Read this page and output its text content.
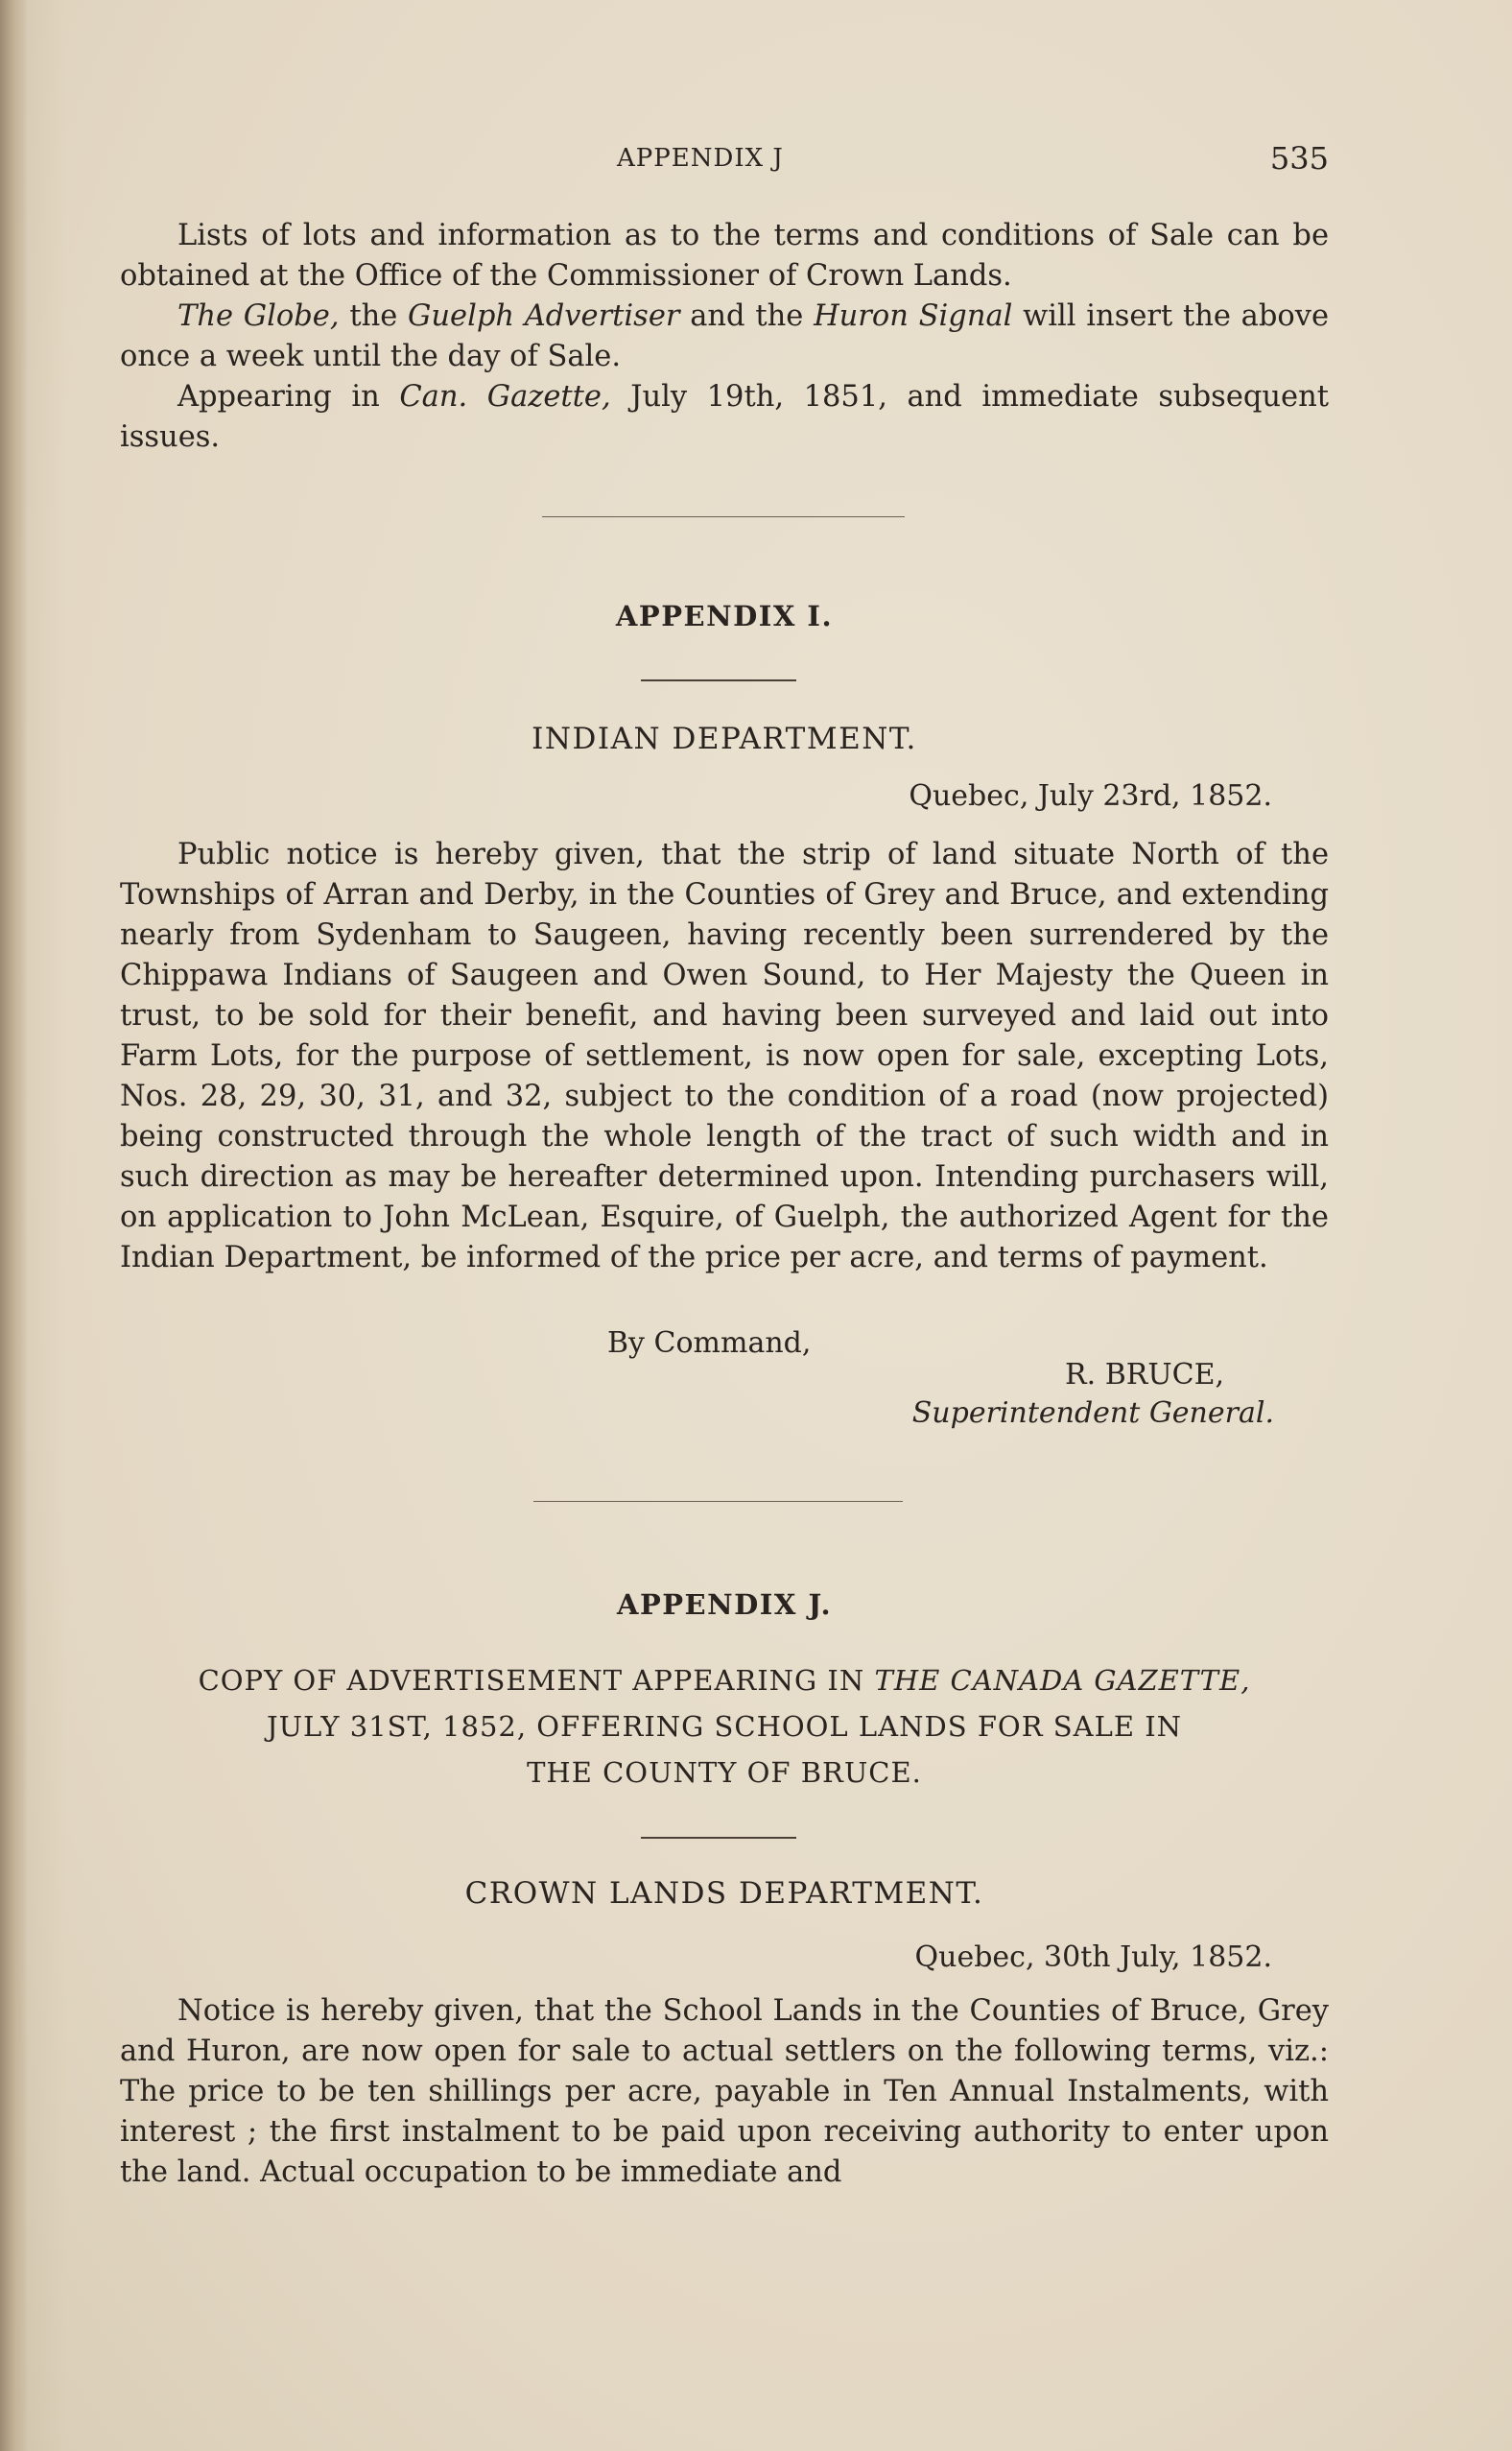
APPENDIX J	535

Lists of lots and information as to the terms and conditions of Sale can be obtained at the Office of the Commissioner of Crown Lands.

The Globe, the Guelph Advertiser and the Huron Signal will insert the above once a week until the day of Sale.

Appearing in Can. Gazette, July 19th, 1851, and immediate subsequent issues.

APPENDIX I.
INDIAN DEPARTMENT.
Quebec, July 23rd, 1852.

Public notice is hereby given, that the strip of land situate North of the Townships of Arran and Derby, in the Counties of Grey and Bruce, and extending nearly from Sydenham to Saugeen, having recently been surrendered by the Chippawa Indians of Saugeen and Owen Sound, to Her Majesty the Queen in trust, to be sold for their benefit, and having been surveyed and laid out into Farm Lots, for the purpose of settlement, is now open for sale, excepting Lots, Nos. 28, 29, 30, 31, and 32, subject to the condition of a road (now projected) being constructed through the whole length of the tract of such width and in such direction as may be hereafter determined upon. Intending purchasers will, on application to John McLean, Esquire, of Guelph, the authorized Agent for the Indian Department, be informed of the price per acre, and terms of payment.

By Command,
R. BRUCE,
Superintendent General.
APPENDIX J.
COPY OF ADVERTISEMENT APPEARING IN THE CANADA GAZETTE,
JULY 31ST, 1852, OFFERING SCHOOL LANDS FOR SALE IN
THE COUNTY OF BRUCE.
CROWN LANDS DEPARTMENT.
Quebec, 30th July, 1852.

Notice is hereby given, that the School Lands in the Counties of Bruce, Grey and Huron, are now open for sale to actual settlers on the following terms, viz.: The price to be ten shillings per acre, payable in Ten Annual Instalments, with interest ; the first instalment to be paid upon receiving authority to enter upon the land. Actual occupation to be immediate and
